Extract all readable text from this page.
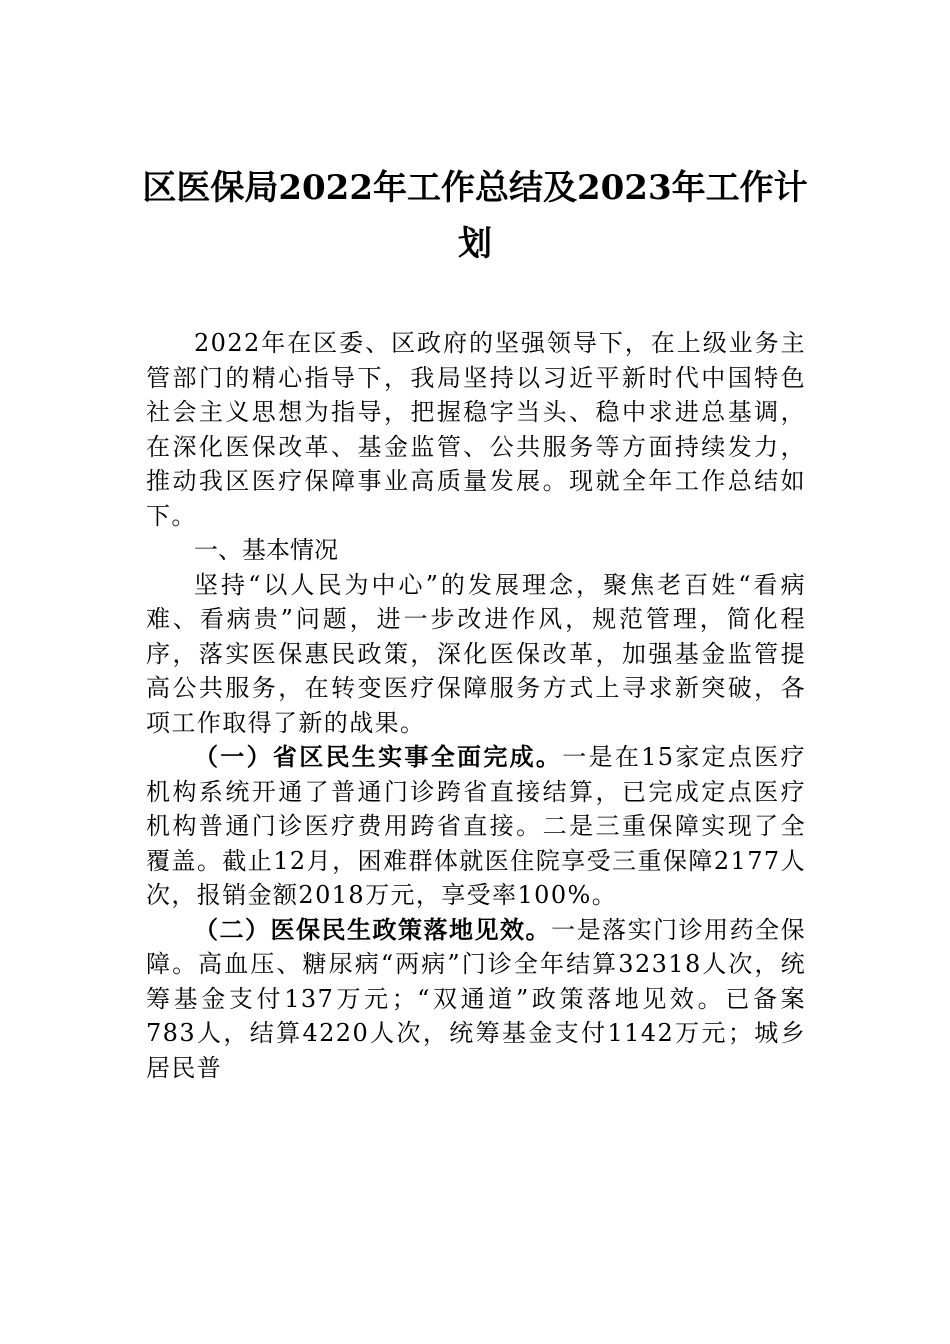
区医保局2022年工作总结及2023年工作计划

2022年在区委、区政府的坚强领导下，在上级业务主管部门的精心指导下，我局坚持以习近平新时代中国特色社会主义思想为指导，把握稳字当头、稳中求进总基调，在深化医保改革、基金监管、公共服务等方面持续发力，推动我区医疗保障事业高质量发展。现就全年工作总结如下。

一、基本情况

坚持“以人民为中心”的发展理念，聚焦老百姓“看病难、看病贵”问题，进一步改进作风，规范管理，简化程序，落实医保惠民政策，深化医保改革，加强基金监管提高公共服务，在转变医疗保障服务方式上寻求新突破，各项工作取得了新的战果。

（一）省区民生实事全面完成。一是在15家定点医疗机构系统开通了普通门诊跨省直接结算，已完成定点医疗机构普通门诊医疗费用跨省直接。二是三重保障实现了全覆盖。截止12月，困难群体就医住院享受三重保障2177人次，报销金额2018万元，享受率100%。

（二）医保民生政策落地见效。一是落实门诊用药全保障。高血压、糖尿病“两病”门诊全年结算32318人次，统筹基金支付137万元；“双通道”政策落地见效。已备案783人，结算4220人次，统筹基金支付1142万元；城乡居民普
